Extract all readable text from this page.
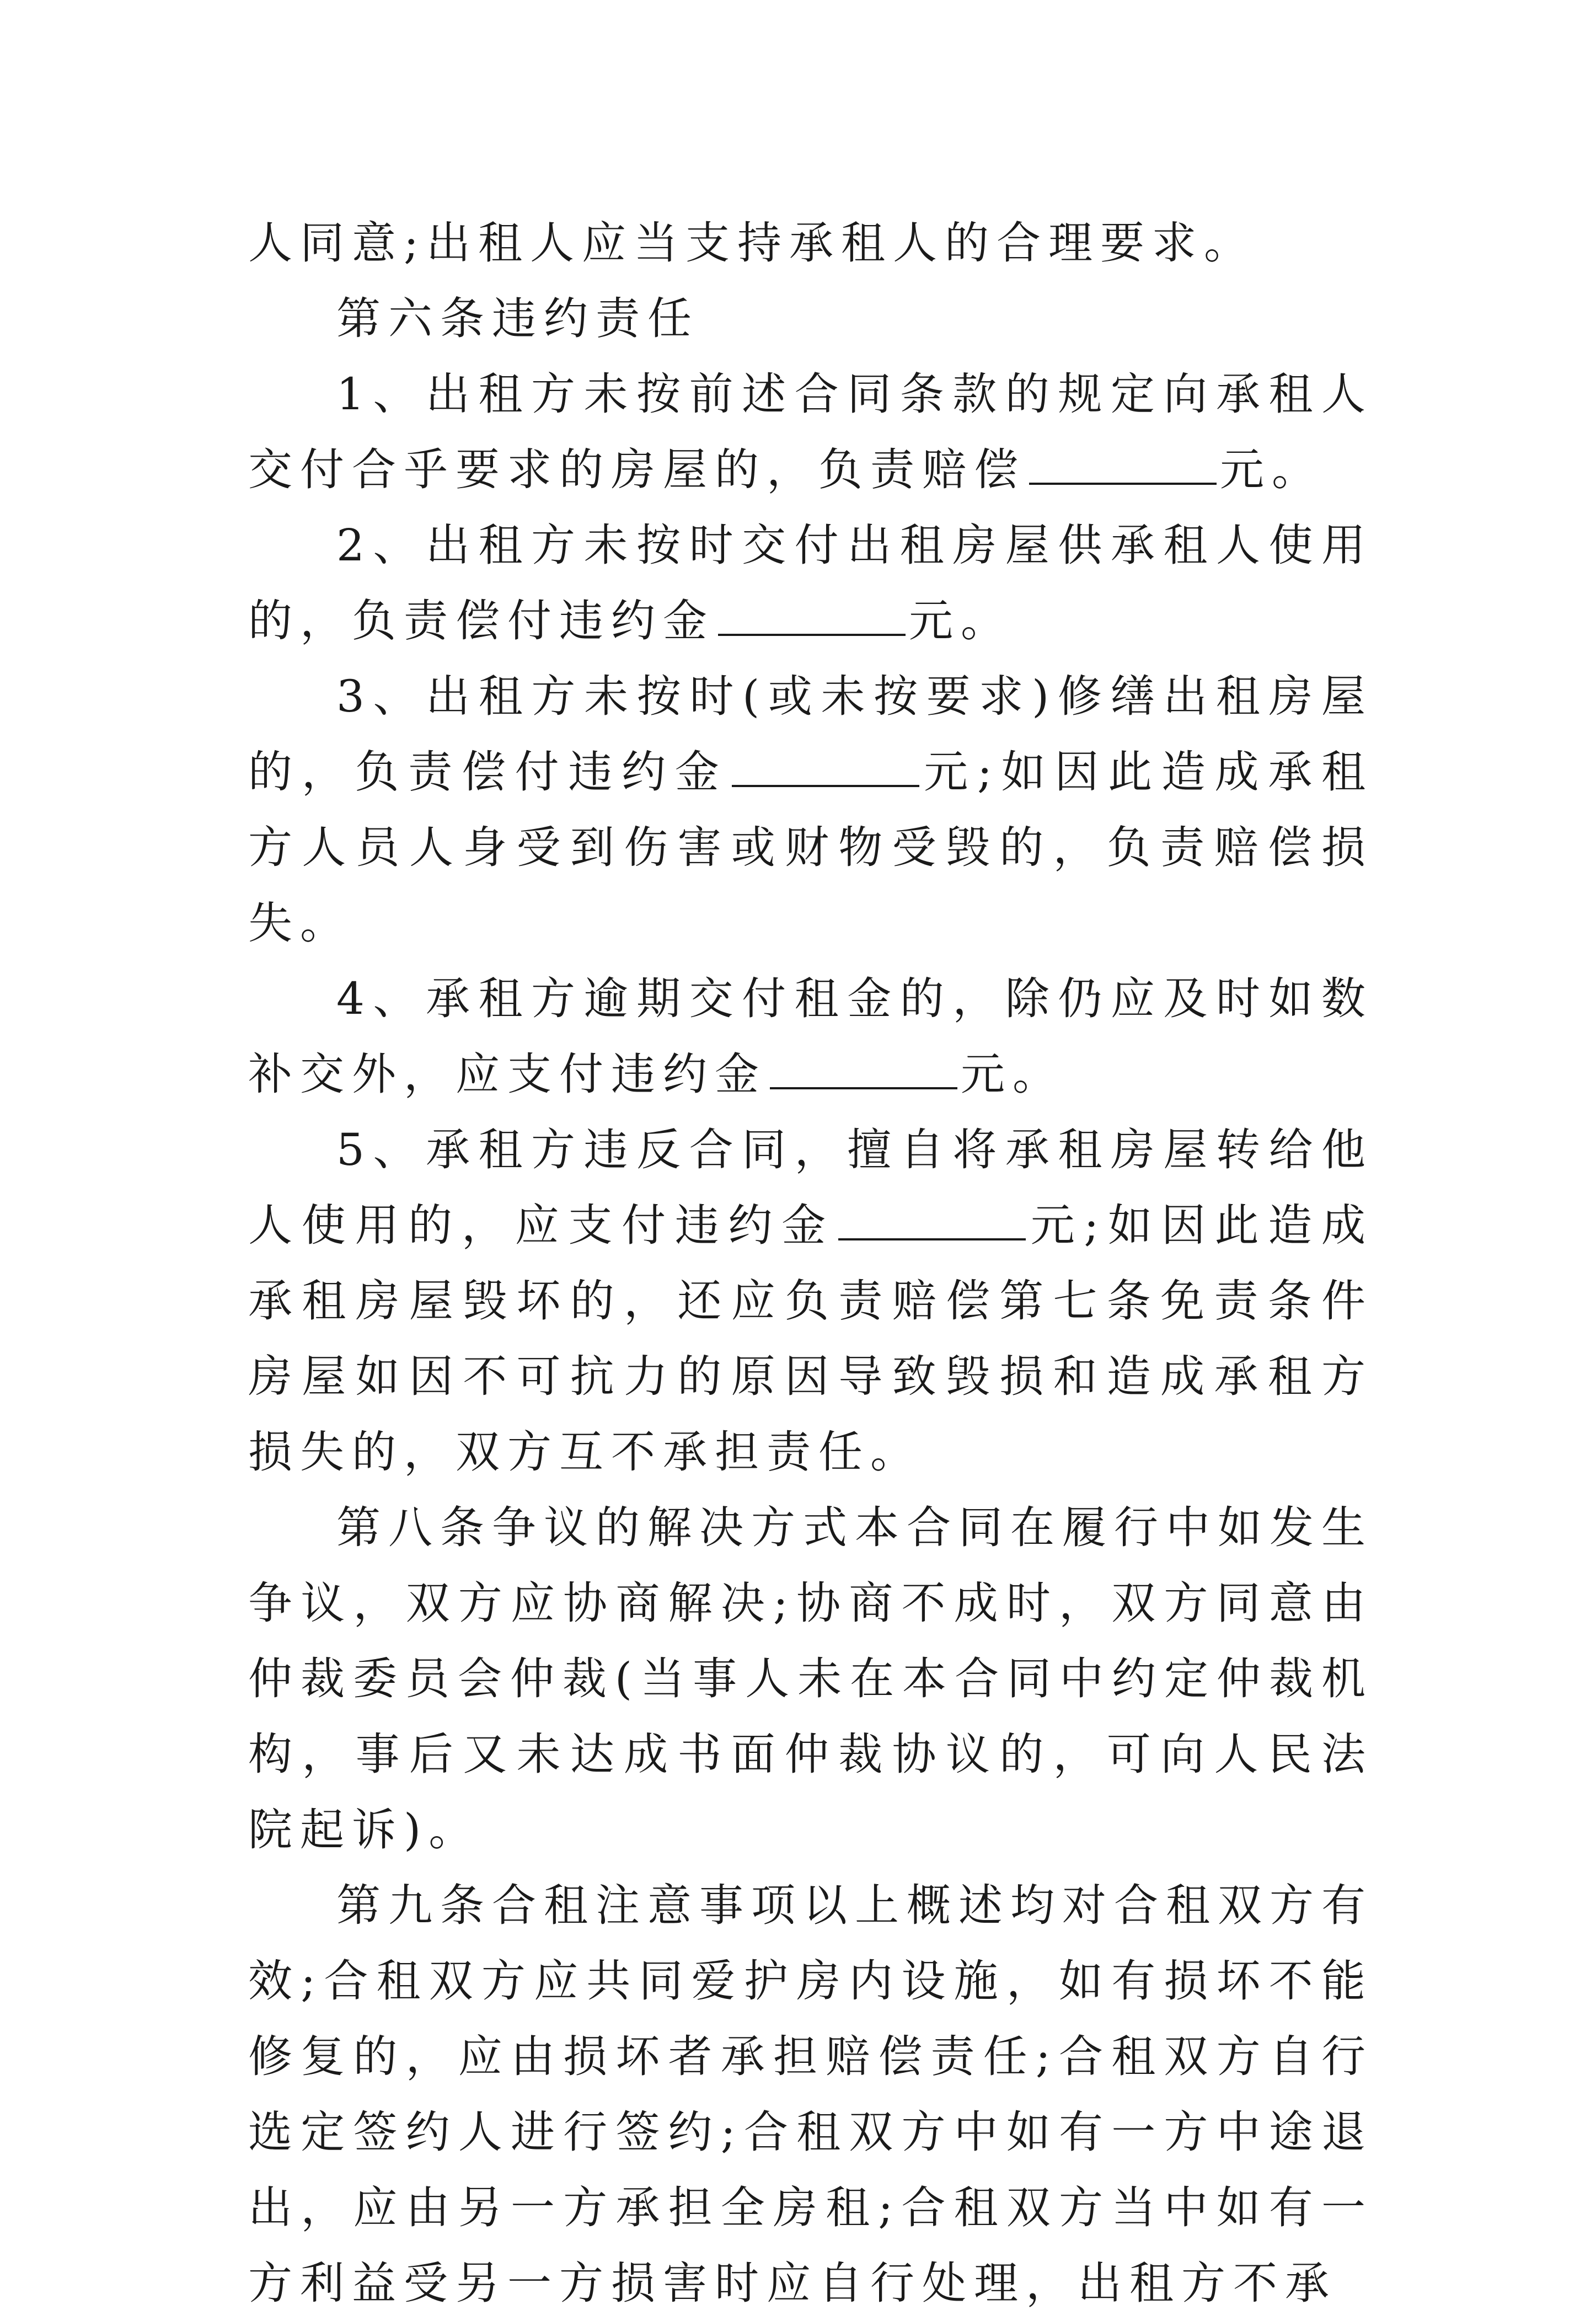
人同意;出租人应当支持承租人的合理要求。

第六条违约责任

1、出租方未按前述合同条款的规定向承租人交付合乎要求的房屋的，负责赔偿	元。

2、出租方未按时交付出租房屋供承租人使用的，负责偿付违约金	元。

3、出租方未按时(或未按要求)修缮出租房屋的，负责偿付违约金	元;如因此造成承租方人员人身受到伤害或财物受毁的，负责赔偿损失。

4、承租方逾期交付租金的，除仍应及时如数补交外，应支付违约金	元。

5、承租方违反合同，擅自将承租房屋转给他人使用的，应支付违约金	元;如因此造成承租房屋毁坏的，还应负责赔偿第七条免责条件房屋如因不可抗力的原因导致毁损和造成承租方损失的，双方互不承担责任。

第八条争议的解决方式本合同在履行中如发生争议，双方应协商解决;协商不成时，双方同意由仲裁委员会仲裁(当事人未在本合同中约定仲裁机构，事后又未达成书面仲裁协议的，可向人民法院起诉)。

第九条合租注意事项以上概述均对合租双方有效;合租双方应共同爱护房内设施，如有损坏不能修复的，应由损坏者承担赔偿责任;合租双方自行选定签约人进行签约;合租双方中如有一方中途退出，应由另一方承担全房租;合租双方当中如有一方利益受另一方损害时应自行处理，出租方不承
